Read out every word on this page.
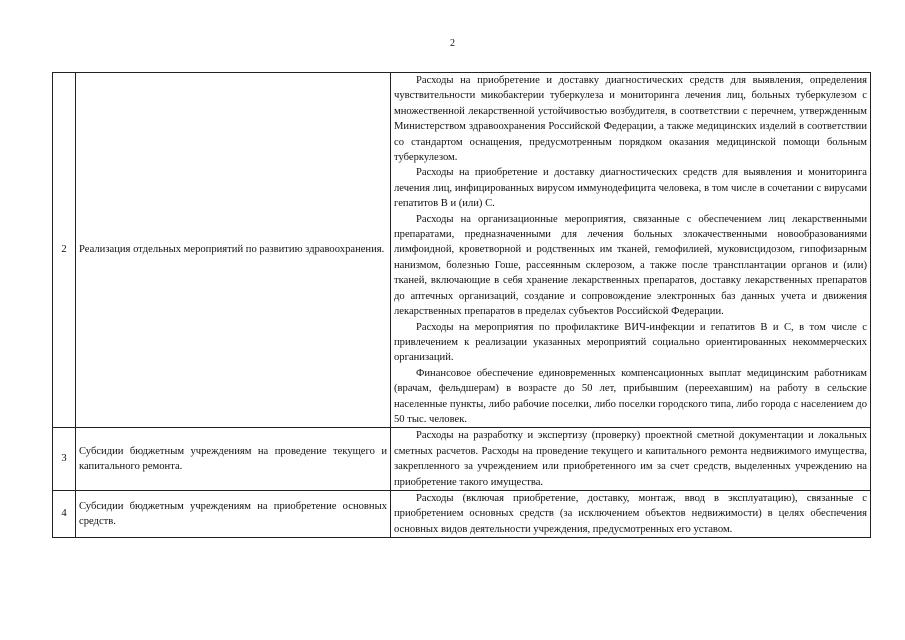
2
2	Реализация отдельных мероприятий по развитию здравоохранения.	Расходы на приобретение и доставку диагностических средств для выявления, определения чувствительности микобактерии туберкулеза и мониторинга лечения лиц, больных туберкулезом с множественной лекарственной устойчивостью возбудителя, в соответствии с перечнем, утвержденным Министерством здравоохранения Российской Федерации, а также медицинских изделий в соответствии со стандартом оснащения, предусмотренным порядком оказания медицинской помощи больным туберкулезом.

Расходы на приобретение и доставку диагностических средств для выявления и мониторинга лечения лиц, инфицированных вирусом иммунодефицита человека, в том числе в сочетании с вирусами гепатитов В и (или) С.

Расходы на организационные мероприятия, связанные с обеспечением лиц лекарственными препаратами, предназначенными для лечения больных злокачественными новообразованиями лимфоидной, кроветворной и родственных им тканей, гемофилией, муковисцидозом, гипофизарным нанизмом, болезнью Гоше, рассеянным склерозом, а также после трансплантации органов и (или) тканей, включающие в себя хранение лекарственных препаратов, доставку лекарственных препаратов до аптечных организаций, создание и сопровождение электронных баз данных учета и движения лекарственных препаратов в пределах субъектов Российской Федерации.

Расходы на мероприятия по профилактике ВИЧ-инфекции и гепатитов В и С, в том числе с привлечением к реализации указанных мероприятий социально ориентированных некоммерческих организаций.

Финансовое обеспечение единовременных компенсационных выплат медицинским работникам (врачам, фельдшерам) в возрасте до 50 лет, прибывшим (переехавшим) на работу в сельские населенные пункты, либо рабочие поселки, либо поселки городского типа, либо города с населением до 50 тыс. человек.

3	Субсидии бюджетным учреждениям на проведение текущего и капитального ремонта.	Расходы на разработку и экспертизу (проверку) проектной сметной документации и локальных сметных расчетов. Расходы на проведение текущего и капитального ремонта недвижимого имущества, закрепленного за учреждением или приобретенного им за счет средств, выделенных учреждению на приобретение такого имущества.

4	Субсидии бюджетным учреждениям на приобретение основных средств.	Расходы (включая приобретение, доставку, монтаж, ввод в эксплуатацию), связанные с приобретением основных средств (за исключением объектов недвижимости) в целях обеспечения основных видов деятельности учреждения, предусмотренных его уставом.
